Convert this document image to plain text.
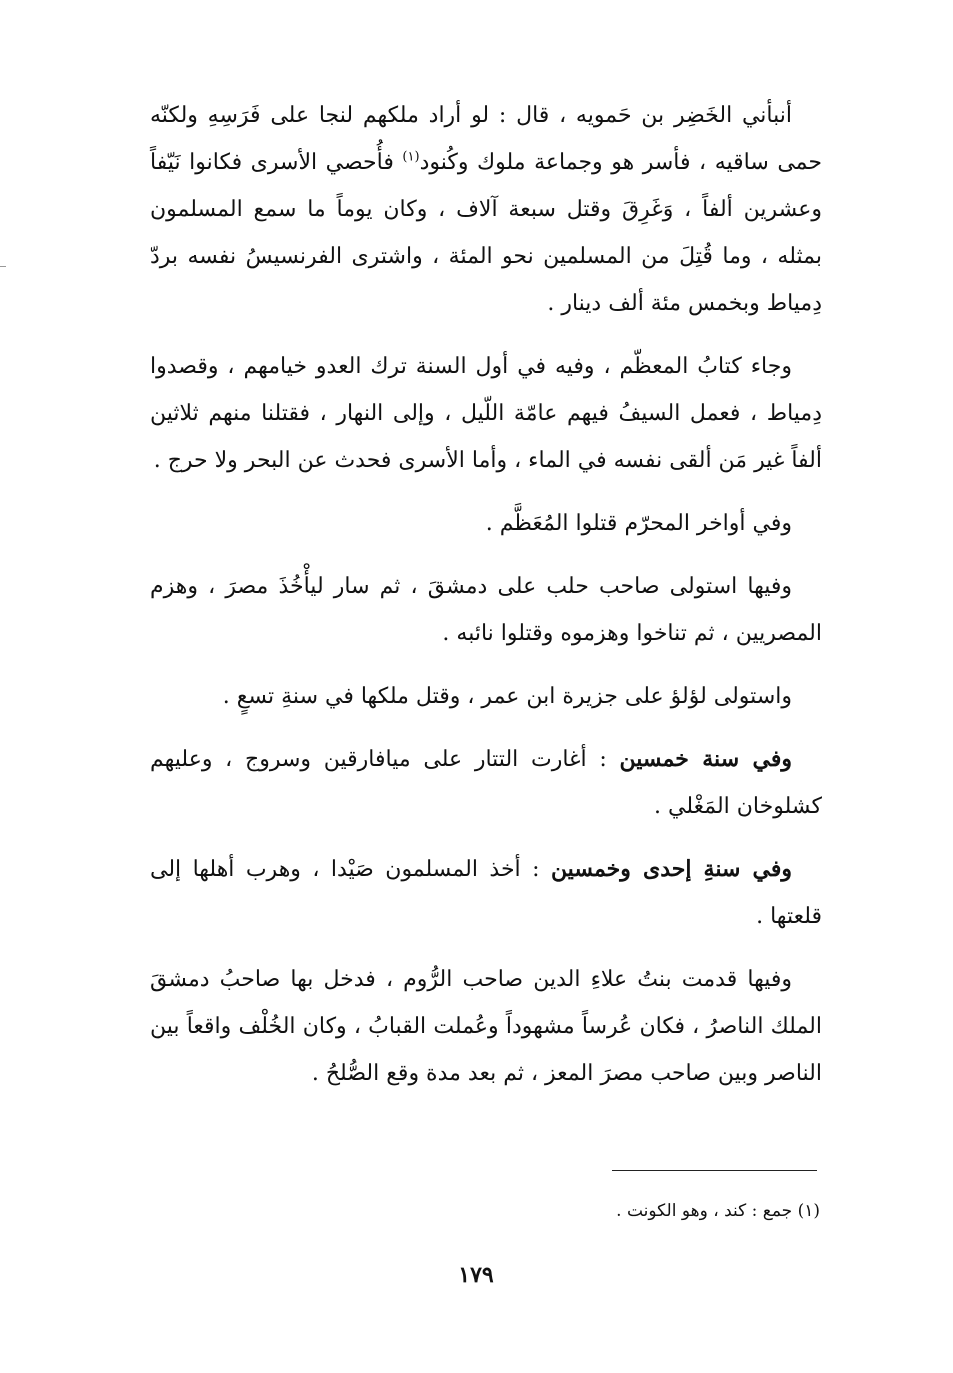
أنبأني الخَضِر بن حَمويه ، قال : لو أراد ملكهم لنجا على فَرَسِهِ ولكنّه حمى ساقيه ، فأسر هو وجماعة ملوك وكُنود$^{(١)}$ فأُحصي الأسرى فكانوا نَيّفاً وعشرين ألفاً ، وَغَرِقَ وقتل سبعة آلاف ، وكان يوماً ما سمع المسلمون بمثله ، وما قُتِلَ من المسلمين نحو المئة ، واشترى الفرنسيسُ نفسه بردّ دِمياط وبخمس مئة ألف دينار .

وجاء كتابُ المعظّم ، وفيه في أول السنة ترك العدو خيامهم ، وقصدوا دِمياط ، فعمل السيفُ فيهم عامّة اللّيل ، وإلى النهار ، فقتلنا منهم ثلاثين ألفاً غير مَن ألقى نفسه في الماء ، وأما الأسرى فحدث عن البحر ولا حرج .

وفي أواخر المحرّم قتلوا المُعَظَّم .

وفيها استولى صاحب حلب على دمشقَ ، ثم سار ليأْخُذَ مصرَ ، وهزم المصريين ، ثم تناخوا وهزموه وقتلوا نائبه .

واستولى لؤلؤ على جزيرة ابن عمر ، وقتل ملكها في سنةِ تسعٍ .

وفي سنة خمسين : أغارت التتار على ميافارقين وسروج ، وعليهم كشلوخان المَغْلي .

وفي سنةِ إحدى وخمسين : أخذ المسلمون صَيْدا ، وهرب أهلها إلى قلعتها .

وفيها قدمت بنتُ علاءِ الدين صاحب الرُّوم ، فدخل بها صاحبُ دمشقَ الملك الناصرُ ، فكان عُرساً مشهوداً وعُملت القبابُ ، وكان الخُلْف واقعاً بين الناصر وبين صاحب مصرَ المعز ، ثم بعد مدة وقع الصُّلحُ .

(١) جمع : كند ، وهو الكونت .
١٧٩
